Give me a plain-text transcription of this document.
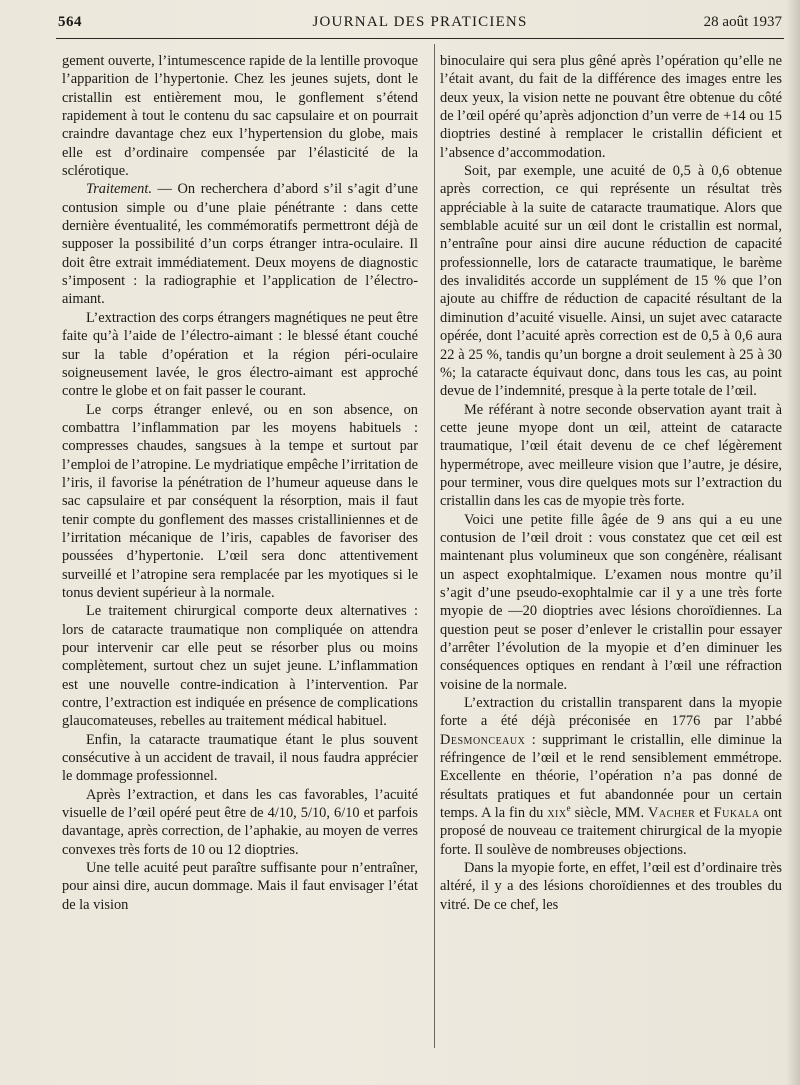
564	JOURNAL DES PRATICIENS	28 août 1937

gement ouverte, l’intumescence rapide de la lentille provoque l’apparition de l’hypertonie. Chez les jeunes sujets, dont le cristallin est entièrement mou, le gonflement s’étend rapidement à tout le contenu du sac capsulaire et on pourrait craindre davantage chez eux l’hypertension du globe, mais elle est d’ordinaire compensée par l’élasticité de la sclérotique.

Traitement. — On recherchera d’abord s’il s’agit d’une contusion simple ou d’une plaie pénétrante : dans cette dernière éventualité, les commémoratifs permettront déjà de supposer la possibilité d’un corps étranger intra-oculaire. Il doit être extrait immédiatement. Deux moyens de diagnostic s’imposent : la radiographie et l’application de l’électro-aimant.

L’extraction des corps étrangers magnétiques ne peut être faite qu’à l’aide de l’électro-aimant : le blessé étant couché sur la table d’opération et la région péri-oculaire soigneusement lavée, le gros électro-aimant est approché contre le globe et on fait passer le courant.

Le corps étranger enlevé, ou en son absence, on combattra l’inflammation par les moyens habituels : compresses chaudes, sangsues à la tempe et surtout par l’emploi de l’atropine. Le mydriatique empêche l’irritation de l’iris, il favorise la pénétration de l’humeur aqueuse dans le sac capsulaire et par conséquent la résorption, mais il faut tenir compte du gonflement des masses cristalliniennes et de l’irritation mécanique de l’iris, capables de favoriser des poussées d’hypertonie. L’œil sera donc attentivement surveillé et l’atropine sera remplacée par les myotiques si le tonus devient supérieur à la normale.

Le traitement chirurgical comporte deux alternatives : lors de cataracte traumatique non compliquée on attendra pour intervenir car elle peut se résorber plus ou moins complètement, surtout chez un sujet jeune. L’inflammation est une nouvelle contre-indication à l’intervention. Par contre, l’extraction est indiquée en présence de complications glaucomateuses, rebelles au traitement médical habituel.

Enfin, la cataracte traumatique étant le plus souvent consécutive à un accident de travail, il nous faudra apprécier le dommage professionnel.

Après l’extraction, et dans les cas favorables, l’acuité visuelle de l’œil opéré peut être de 4/10, 5/10, 6/10 et parfois davantage, après correction, de l’aphakie, au moyen de verres convexes très forts de 10 ou 12 dioptries.

Une telle acuité peut paraître suffisante pour n’entraîner, pour ainsi dire, aucun dommage. Mais il faut envisager l’état de la vision

binoculaire qui sera plus gêné après l’opération qu’elle ne l’était avant, du fait de la différence des images entre les deux yeux, la vision nette ne pouvant être obtenue du côté de l’œil opéré qu’après adjonction d’un verre de +14 ou 15 dioptries destiné à remplacer le cristallin déficient et l’absence d’accommodation.

Soit, par exemple, une acuité de 0,5 à 0,6 obtenue après correction, ce qui représente un résultat très appréciable à la suite de cataracte traumatique. Alors que semblable acuité sur un œil dont le cristallin est normal, n’entraîne pour ainsi dire aucune réduction de capacité professionnelle, lors de cataracte traumatique, le barème des invalidités accorde un supplément de 15 % que l’on ajoute au chiffre de réduction de capacité résultant de la diminution d’acuité visuelle. Ainsi, un sujet avec cataracte opérée, dont l’acuité après correction est de 0,5 à 0,6 aura 22 à 25 %, tandis qu’un borgne a droit seulement à 25 à 30 %; la cataracte équivaut donc, dans tous les cas, au point devue de l’indemnité, presque à la perte totale de l’œil.

Me référant à notre seconde observation ayant trait à cette jeune myope dont un œil, atteint de cataracte traumatique, l’œil était devenu de ce chef légèrement hypermétrope, avec meilleure vision que l’autre, je désire, pour terminer, vous dire quelques mots sur l’extraction du cristallin dans les cas de myopie très forte.

Voici une petite fille âgée de 9 ans qui a eu une contusion de l’œil droit : vous constatez que cet œil est maintenant plus volumineux que son congénère, réalisant un aspect exophtalmique. L’examen nous montre qu’il s’agit d’une pseudo-exophtalmie car il y a une très forte myopie de —20 dioptries avec lésions choroïdiennes. La question peut se poser d’enlever le cristallin pour essayer d’arrêter l’évolution de la myopie et d’en diminuer les conséquences optiques en rendant à l’œil une réfraction voisine de la normale.

L’extraction du cristallin transparent dans la myopie forte a été déjà préconisée en 1776 par l’abbé Desmonceaux : supprimant le cristallin, elle diminue la réfringence de l’œil et le rend sensiblement emmétrope. Excellente en théorie, l’opération n’a pas donné de résultats pratiques et fut abandonnée pour un certain temps. A la fin du xix$^e$ siècle, MM. Vacher et Fukala ont proposé de nouveau ce traitement chirurgical de la myopie forte. Il soulève de nombreuses objections.

Dans la myopie forte, en effet, l’œil est d’ordinaire très altéré, il y a des lésions choroïdiennes et des troubles du vitré. De ce chef, les
